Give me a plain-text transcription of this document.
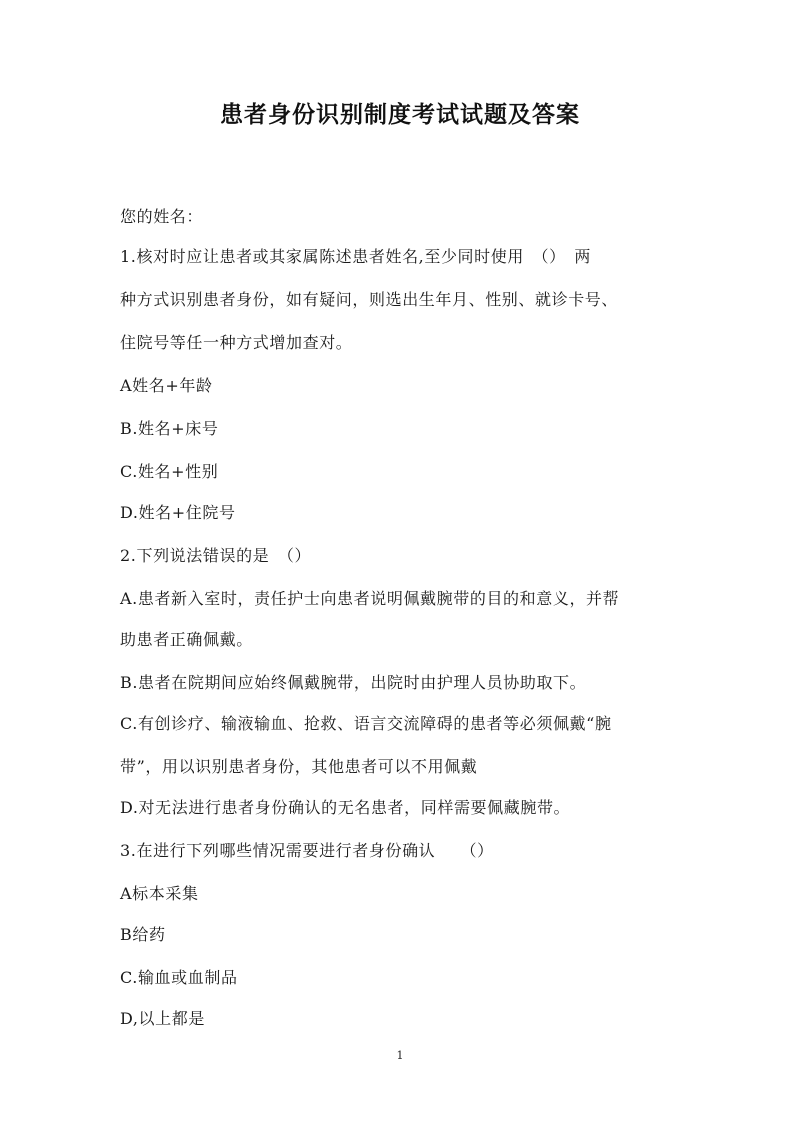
患者身份识别制度考试试题及答案
您的姓名：
1.核对时应让患者或其家属陈述患者姓名,至少同时使用　（）　两
种方式识别患者身份，如有疑问，则选出生年月、性别、就诊卡号、
住院号等任一种方式增加查对。
A姓名+年龄
B.姓名+床号
C.姓名+性别
D.姓名+住院号
2.下列说法错误的是　（）
A.患者新入室时，责任护士向患者说明佩戴腕带的目的和意义，并帮
助患者正确佩戴。
B.患者在院期间应始终佩戴腕带，出院时由护理人员协助取下。
C.有创诊疗、输液输血、抢救、语言交流障碍的患者等必须佩戴“腕
带”，用以识别患者身份，其他患者可以不用佩戴
D.对无法进行患者身份确认的无名患者，同样需要佩藏腕带。
3.在进行下列哪些情况需要进行者身份确认　　（）
A标本采集
B给药
C.输血或血制品
D,以上都是
1
